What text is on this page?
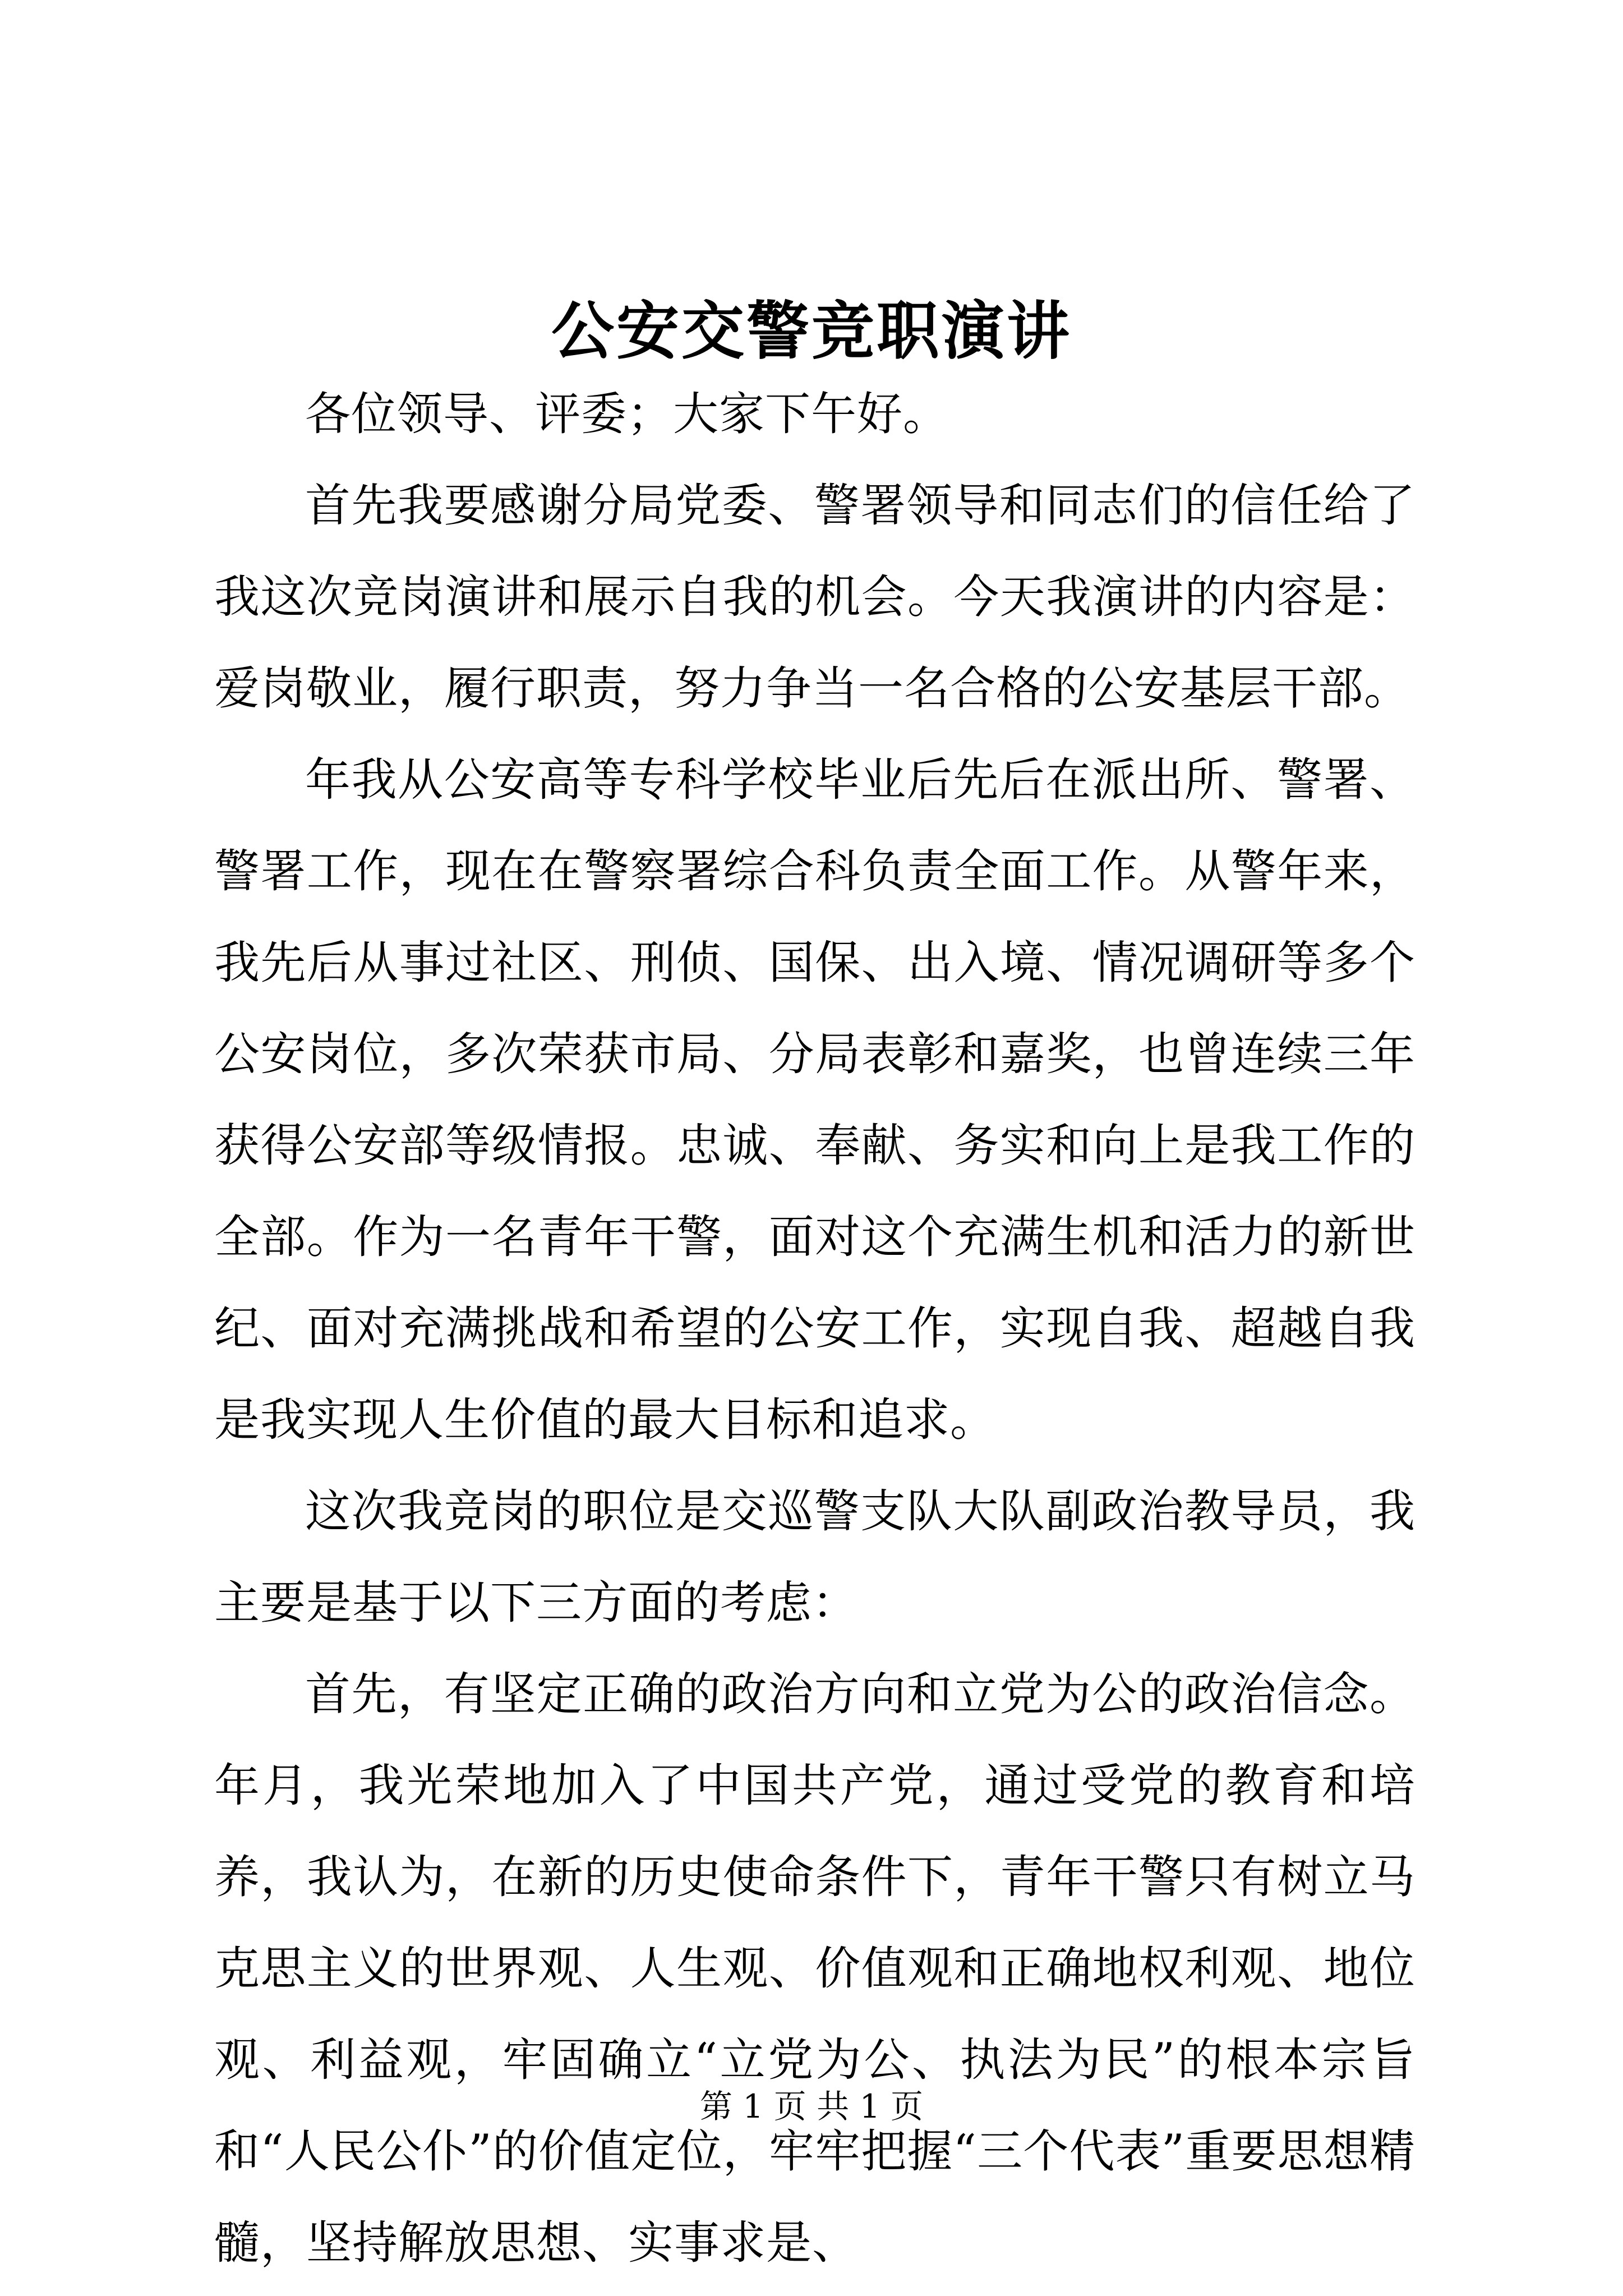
公安交警竞职演讲

各位领导、评委；大家下午好。

首先我要感谢分局党委、警署领导和同志们的信任给了我这次竞岗演讲和展示自我的机会。今天我演讲的内容是：爱岗敬业，履行职责，努力争当一名合格的公安基层干部。

年我从公安高等专科学校毕业后先后在派出所、警署、警署工作，现在在警察署综合科负责全面工作。从警年来，我先后从事过社区、刑侦、国保、出入境、情况调研等多个公安岗位，多次荣获市局、分局表彰和嘉奖，也曾连续三年获得公安部等级情报。忠诚、奉献、务实和向上是我工作的全部。作为一名青年干警，面对这个充满生机和活力的新世纪、面对充满挑战和希望的公安工作，实现自我、超越自我是我实现人生价值的最大目标和追求。

这次我竞岗的职位是交巡警支队大队副政治教导员，我主要是基于以下三方面的考虑：

首先，有坚定正确的政治方向和立党为公的政治信念。年月，我光荣地加入了中国共产党，通过受党的教育和培养，我认为，在新的历史使命条件下，青年干警只有树立马克思主义的世界观、人生观、价值观和正确地权利观、地位观、利益观，牢固确立“立党为公、执法为民”的根本宗旨和“人民公仆”的价值定位，牢牢把握“三个代表”重要思想精髓，坚持解放思想、实事求是、

第 1 页 共 1 页
